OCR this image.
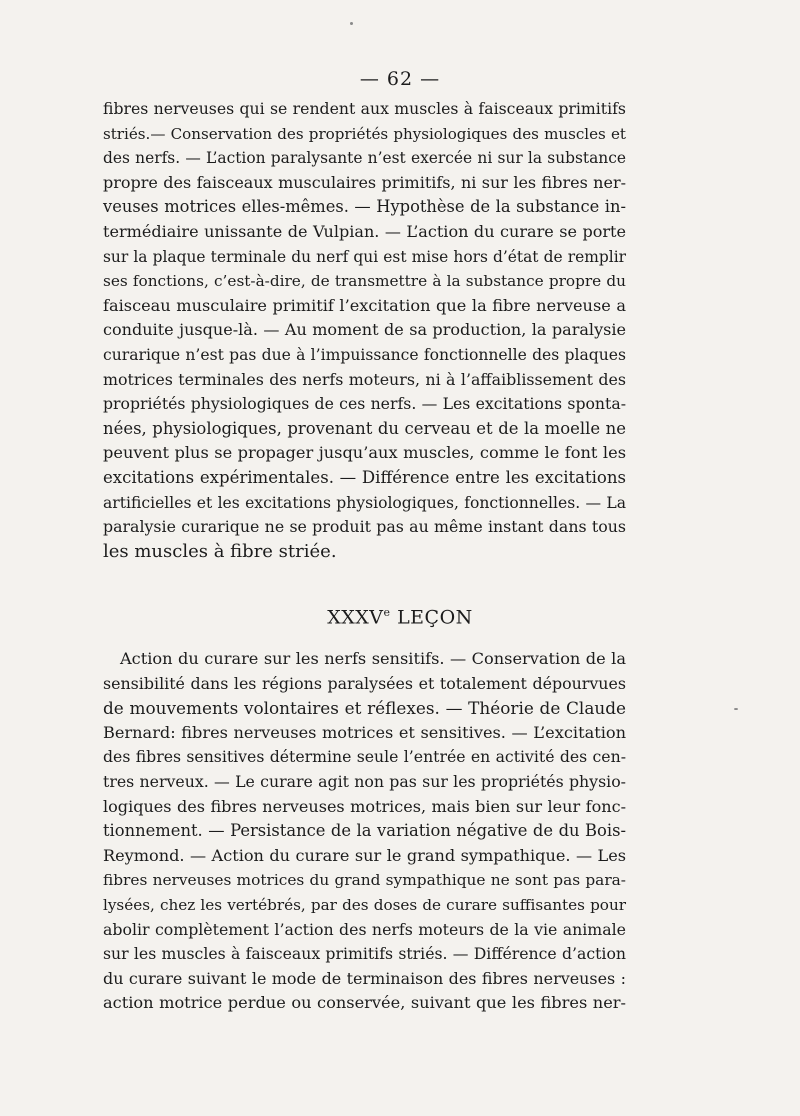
— 62 —
fibres nerveuses qui se rendent aux muscles à faisceaux primitifs
striés.— Conservation des propriétés physiologiques des muscles et
des nerfs. — L’action paralysante n’est exercée ni sur la substance
propre des faisceaux musculaires primitifs, ni sur les fibres ner-
veuses motrices elles-mêmes. — Hypothèse de la substance in-
termédiaire unissante de Vulpian. — L’action du curare se porte
sur la plaque terminale du nerf qui est mise hors d’état de remplir
ses fonctions, c’est-à-dire, de transmettre à la substance propre du
faisceau musculaire primitif l’excitation que la fibre nerveuse a
conduite jusque-là. — Au moment de sa production, la paralysie
curarique n’est pas due à l’impuissance fonctionnelle des plaques
motrices terminales des nerfs moteurs, ni à l’affaiblissement des
propriétés physiologiques de ces nerfs. — Les excitations sponta-
nées, physiologiques, provenant du cerveau et de la moelle ne
peuvent plus se propager jusqu’aux muscles, comme le font les
excitations expérimentales. — Différence entre les excitations
artificielles et les excitations physiologiques, fonctionnelles. — La
paralysie curarique ne se produit pas au même instant dans tous
les muscles à fibre striée.
XXXVe LEÇON
Action du curare sur les nerfs sensitifs. — Conservation de la
sensibilité dans les régions paralysées et totalement dépourvues
de mouvements volontaires et réflexes. — Théorie de Claude
Bernard: fibres nerveuses motrices et sensitives. — L’excitation
des fibres sensitives détermine seule l’entrée en activité des cen-
tres nerveux. — Le curare agit non pas sur les propriétés physio-
logiques des fibres nerveuses motrices, mais bien sur leur fonc-
tionnement. — Persistance de la variation négative de du Bois-
Reymond. — Action du curare sur le grand sympathique. — Les
fibres nerveuses motrices du grand sympathique ne sont pas para-
lysées, chez les vertébrés, par des doses de curare suffisantes pour
abolir complètement l’action des nerfs moteurs de la vie animale
sur les muscles à faisceaux primitifs striés. — Différence d’action
du curare suivant le mode de terminaison des fibres nerveuses :
action motrice perdue ou conservée, suivant que les fibres ner-
